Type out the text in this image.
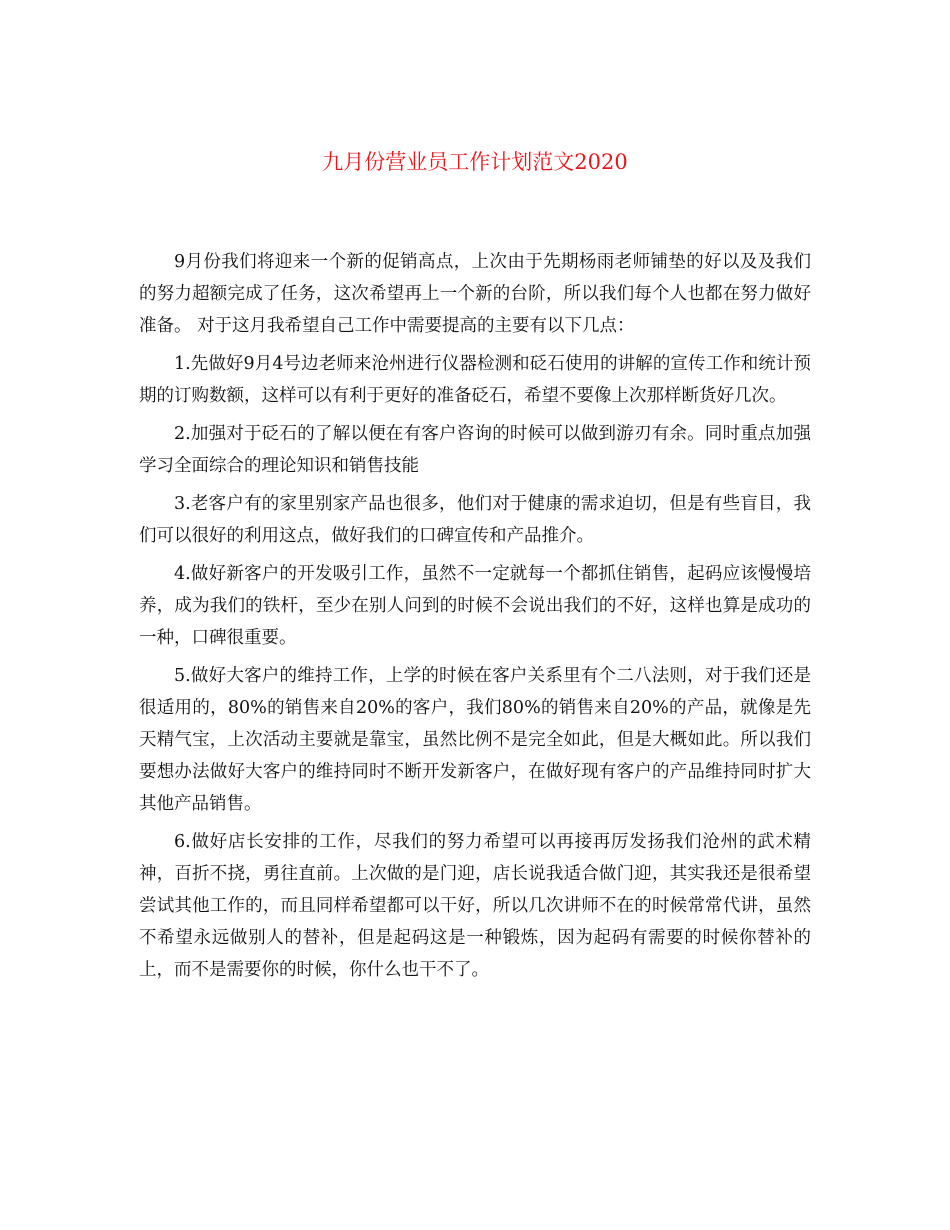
九月份营业员工作计划范文2020

9月份我们将迎来一个新的促销高点，上次由于先期杨雨老师铺垫的好以及及我们的努力超额完成了任务，这次希望再上一个新的台阶，所以我们每个人也都在努力做好准备。 对于这月我希望自己工作中需要提高的主要有以下几点：

1.先做好9月4号边老师来沧州进行仪器检测和砭石使用的讲解的宣传工作和统计预期的订购数额，这样可以有利于更好的准备砭石，希望不要像上次那样断货好几次。

2.加强对于砭石的了解以便在有客户咨询的时候可以做到游刃有余。同时重点加强学习全面综合的理论知识和销售技能

3.老客户有的家里别家产品也很多，他们对于健康的需求迫切，但是有些盲目，我们可以很好的利用这点，做好我们的口碑宣传和产品推介。

4.做好新客户的开发吸引工作，虽然不一定就每一个都抓住销售，起码应该慢慢培养，成为我们的铁杆，至少在别人问到的时候不会说出我们的不好，这样也算是成功的一种，口碑很重要。

5.做好大客户的维持工作，上学的时候在客户关系里有个二八法则，对于我们还是很适用的，80%的销售来自20%的客户，我们80%的销售来自20%的产品，就像是先天精气宝，上次活动主要就是靠宝，虽然比例不是完全如此，但是大概如此。所以我们要想办法做好大客户的维持同时不断开发新客户，在做好现有客户的产品维持同时扩大其他产品销售。

6.做好店长安排的工作，尽我们的努力希望可以再接再厉发扬我们沧州的武术精神，百折不挠，勇往直前。上次做的是门迎，店长说我适合做门迎，其实我还是很希望尝试其他工作的，而且同样希望都可以干好，所以几次讲师不在的时候常常代讲，虽然不希望永远做别人的替补，但是起码这是一种锻炼，因为起码有需要的时候你替补的上，而不是需要你的时候，你什么也干不了。
